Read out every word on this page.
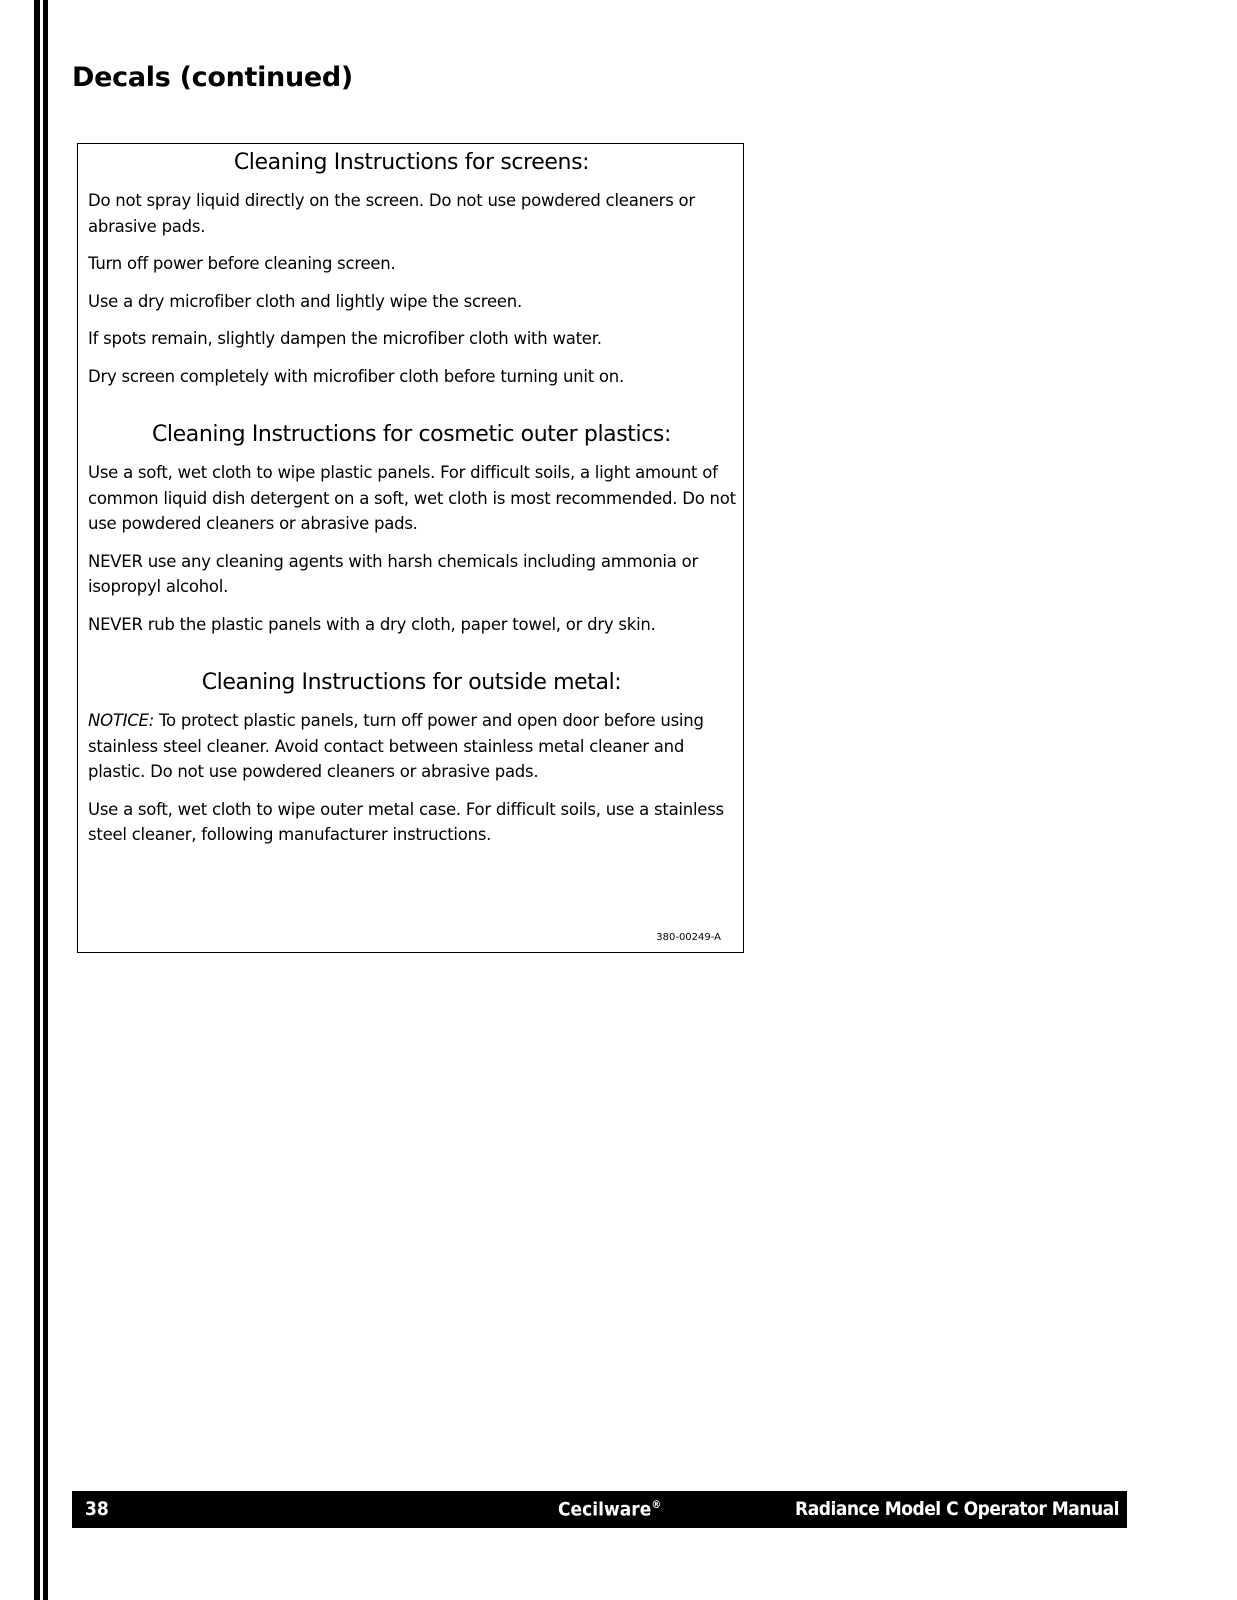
Decals (continued)
Cleaning Instructions for screens:

Do not spray liquid directly on the screen. Do not use powdered cleaners or abrasive pads.

Turn off power before cleaning screen.

Use a dry microfiber cloth and lightly wipe the screen.

If spots remain, slightly dampen the microfiber cloth with water.

Dry screen completely with microfiber cloth before turning unit on.

Cleaning Instructions for cosmetic outer plastics:

Use a soft, wet cloth to wipe plastic panels. For difficult soils, a light amount of common liquid dish detergent on a soft, wet cloth is most recommended. Do not use powdered cleaners or abrasive pads.

NEVER use any cleaning agents with harsh chemicals including ammonia or isopropyl alcohol.

NEVER rub the plastic panels with a dry cloth, paper towel, or dry skin.

Cleaning Instructions for outside metal:

NOTICE: To protect plastic panels, turn off power and open door before using stainless steel cleaner. Avoid contact between stainless metal cleaner and plastic. Do not use powdered cleaners or abrasive pads.

Use a soft, wet cloth to wipe outer metal case. For difficult soils, use a stainless steel cleaner, following manufacturer instructions.

380-00249-A
38	Cecilware®	Radiance Model C Operator Manual
